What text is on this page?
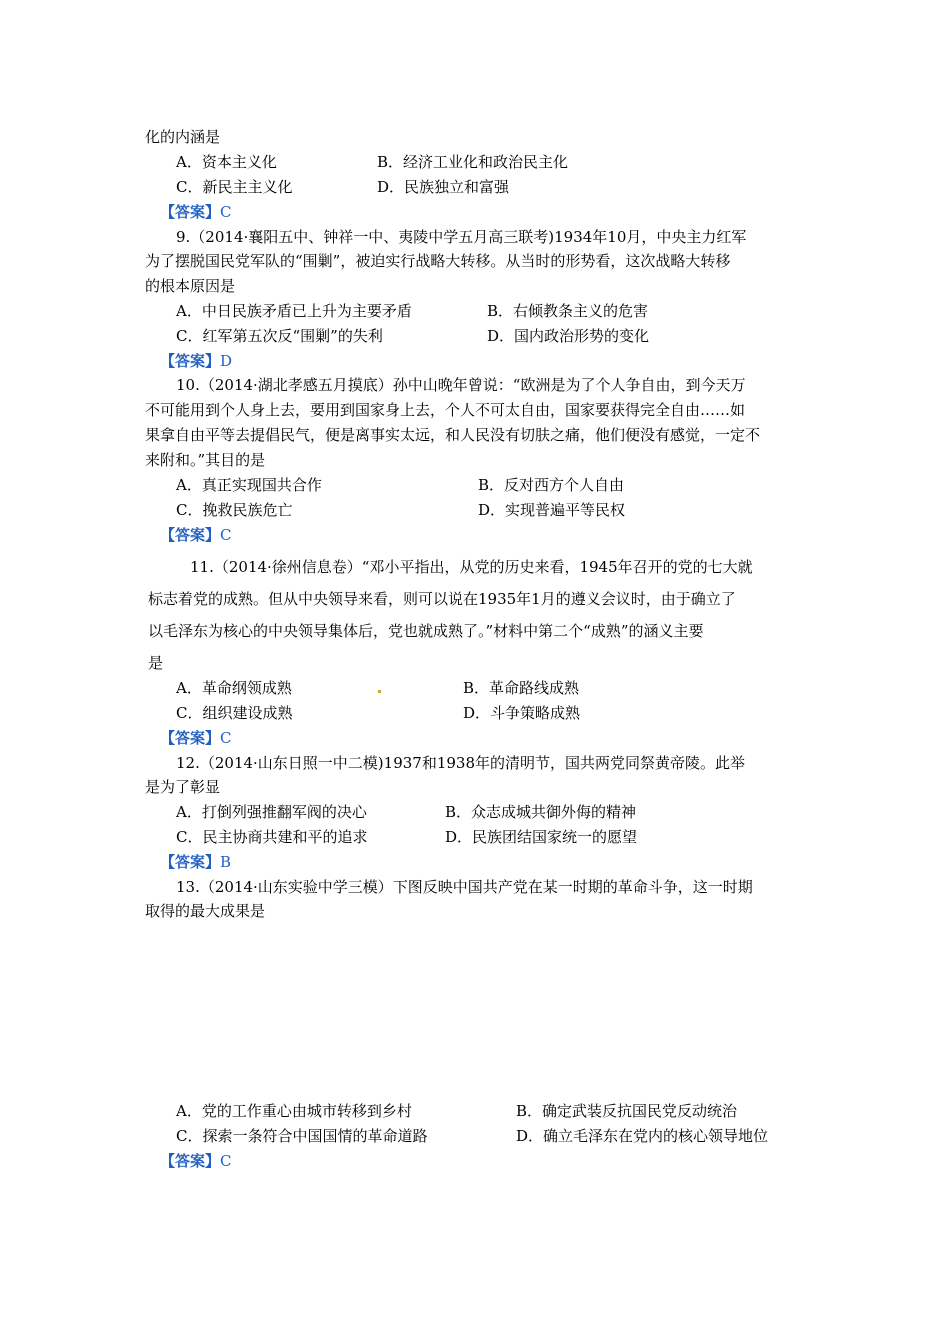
化的内涵是
A．资本主义化	B．经济工业化和政治民主化
C．新民主主义化	D．民族独立和富强
【答案】C
9.（2014·襄阳五中、钟祥一中、夷陵中学五月高三联考)1934年10月，中央主力红军
为了摆脱国民党军队的“围剿”，被迫实行战略大转移。从当时的形势看，这次战略大转移
的根本原因是
A．中日民族矛盾已上升为主要矛盾	B．右倾教条主义的危害
C．红军第五次反“围剿”的失利	D．国内政治形势的变化
【答案】D
10.（2014·湖北孝感五月摸底）孙中山晚年曾说：“欧洲是为了个人争自由，到今天万
不可能用到个人身上去，要用到国家身上去，个人不可太自由，国家要获得完全自由……如
果拿自由平等去提倡民气，便是离事实太远，和人民没有切肤之痛，他们便没有感觉，一定不
来附和。”其目的是
A．真正实现国共合作	B．反对西方个人自由
C．挽救民族危亡	D．实现普遍平等民权
【答案】C
11.（2014·徐州信息卷）“邓小平指出，从党的历史来看，1945年召开的党的七大就
标志着党的成熟。但从中央领导来看，则可以说在1935年1月的遵义会议时，由于确立了
以毛泽东为核心的中央领导集体后，党也就成熟了。”材料中第二个“成熟”的涵义主要
是
A．革命纲领成熟	B．革命路线成熟
C．组织建设成熟	D．斗争策略成熟
【答案】C
12.（2014·山东日照一中二模)1937和1938年的清明节，国共两党同祭黄帝陵。此举
是为了彰显
A．打倒列强推翻军阀的决心	B．众志成城共御外侮的精神
C．民主协商共建和平的追求	D．民族团结国家统一的愿望
【答案】B
13.（2014·山东实验中学三模）下图反映中国共产党在某一时期的革命斗争，这一时期
取得的最大成果是
A．党的工作重心由城市转移到乡村	B．确定武装反抗国民党反动统治
C．探索一条符合中国国情的革命道路	D．确立毛泽东在党内的核心领导地位
【答案】C
